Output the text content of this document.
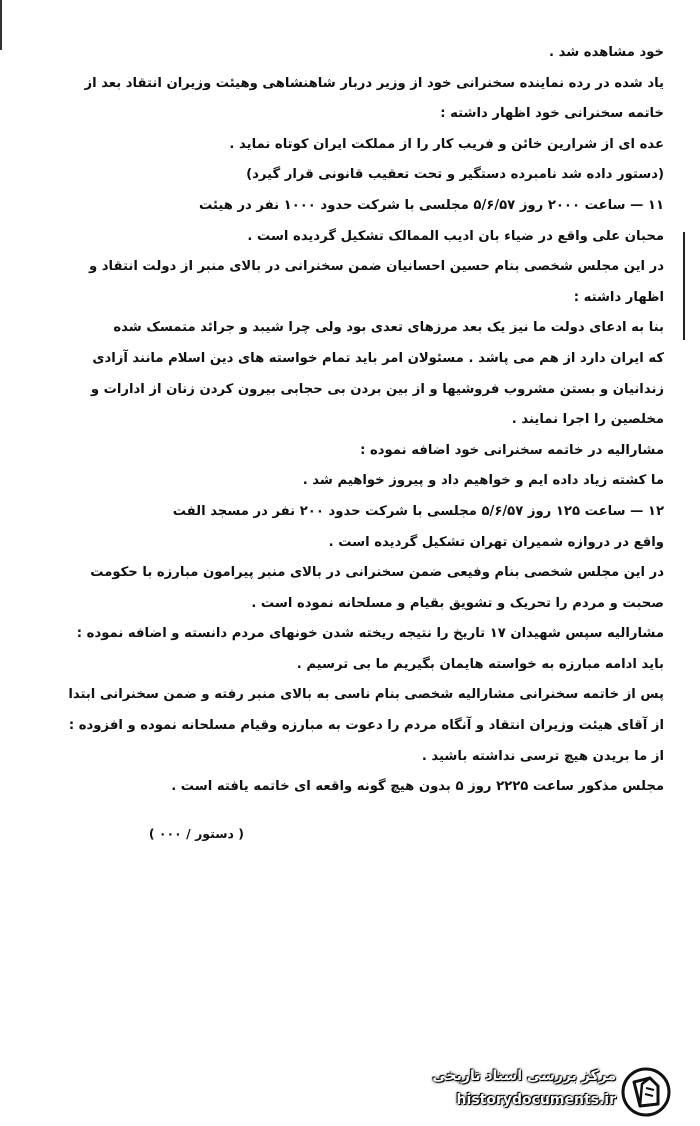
خود مشاهده شد .

یاد شده در رده نماینده سخنرانی خود از وزیر دربار شاهنشاهی وهیئت وزیران انتقاد بعد از

خاتمه سخنرانی خود اظهار داشته :

عده ای از شرارین خائن و فریب کار را از مملکت ایران کوتاه نماید .

(دستور داده شد نامبرده دستگیر و تحت تعقیب قانونی قرار گیرد)

۱۱ — ساعت ۲۰۰۰ روز ۵/۶/۵۷ مجلسی با شرکت حدود ۱۰۰۰ نفر در هیئت

محبان علی واقع در ضیاء بان ادیب الممالک تشکیل گردیده است .

در این مجلس شخصی بنام حسین احسانیان ضمن سخنرانی در بالای منبر از دولت انتقاد و

اظهار داشته :

بنا به ادعای دولت ما نیز یک بعد مرزهای تعدی بود ولی چرا شیبد و جرائد متمسک شده

که ایران دارد از هم می پاشد . مسئولان امر باید تمام خواسته های دین اسلام مانند آزادی

زندانیان و بستن مشروب فروشیها و از بین بردن بی حجابی بیرون کردن زنان از ادارات و

مخلصین را اجرا نمایند .

مشارالیه در خاتمه سخنرانی خود اضافه نموده :

ما کشته زیاد داده ایم و خواهیم داد و پیروز خواهیم شد .

۱۲ — ساعت ۱۲۵ روز ۵/۶/۵۷ مجلسی با شرکت حدود ۲۰۰ نفر در مسجد الفت

واقع در دروازه شمیران تهران تشکیل گردیده است .

در این مجلس شخصی بنام وفیعی ضمن سخنرانی در بالای منبر پیرامون مبارزه با حکومت

صحبت و مردم را تحریک و تشویق بقیام و مسلحانه نموده است .

مشارالیه سپس شهیدان ۱۷ تاریخ را نتیجه ریخته شدن خونهای مردم دانسته و اضافه نموده :

باید ادامه مبارزه به خواسته هایمان بگیریم ما بی ترسیم .

پس از خاتمه سخنرانی مشارالیه شخصی بنام ناسی به بالای منبر رفته و ضمن سخنرانی ابتدا

از آقای هیئت وزیران انتقاد و آنگاه مردم را دعوت به مبارزه وقیام مسلحانه نموده و افزوده :

از ما بریدن هیچ ترسی نداشته باشید .

مجلس مذکور ساعت ۲۲۲۵ روز ۵ بدون هیچ گونه واقعه ای خاتمه یافته است .

( دستور / ۰۰۰ )

مرکز بررسی اسناد تاریخی
historydocuments.ir
